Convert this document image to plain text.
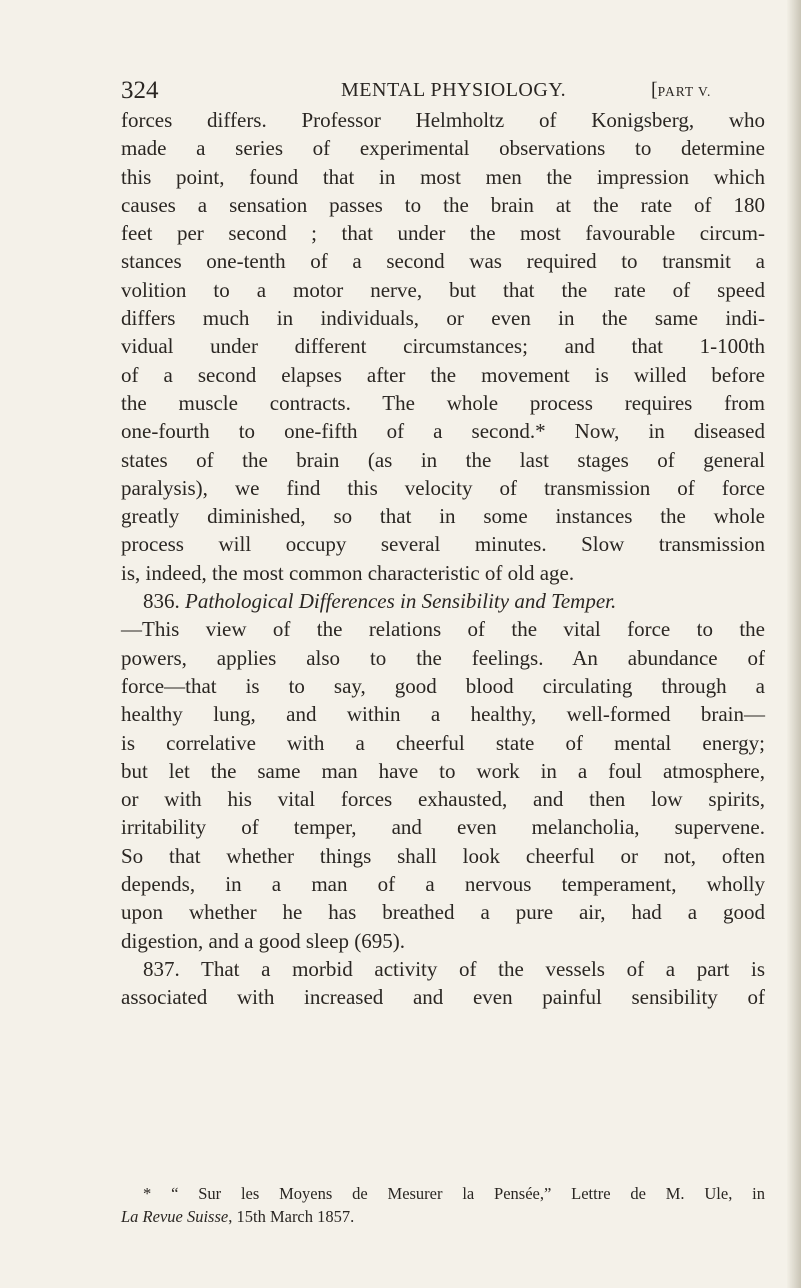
324	MENTAL PHYSIOLOGY.	[PART V.
forces differs. Professor Helmholtz of Konigsberg, who
made a series of experimental observations to determine
this point, found that in most men the impression which
causes a sensation passes to the brain at the rate of 180
feet per second ; that under the most favourable circum-
stances one-tenth of a second was required to transmit a
volition to a motor nerve, but that the rate of speed
differs much in individuals, or even in the same indi-
vidual under different circumstances; and that 1-100th
of a second elapses after the movement is willed before
the muscle contracts. The whole process requires from
one-fourth to one-fifth of a second.* Now, in diseased
states of the brain (as in the last stages of general
paralysis), we find this velocity of transmission of force
greatly diminished, so that in some instances the whole
process will occupy several minutes. Slow transmission
is, indeed, the most common characteristic of old age.
836. Pathological Differences in Sensibility and Temper.
—This view of the relations of the vital force to the
powers, applies also to the feelings. An abundance of
force—that is to say, good blood circulating through a
healthy lung, and within a healthy, well-formed brain—
is correlative with a cheerful state of mental energy;
but let the same man have to work in a foul atmosphere,
or with his vital forces exhausted, and then low spirits,
irritability of temper, and even melancholia, supervene.
So that whether things shall look cheerful or not, often
depends, in a man of a nervous temperament, wholly
upon whether he has breathed a pure air, had a good
digestion, and a good sleep (695).
837. That a morbid activity of the vessels of a part is
associated with increased and even painful sensibility of
* “ Sur les Moyens de Mesurer la Pensée,” Lettre de M. Ule, in
La Revue Suisse, 15th March 1857.
